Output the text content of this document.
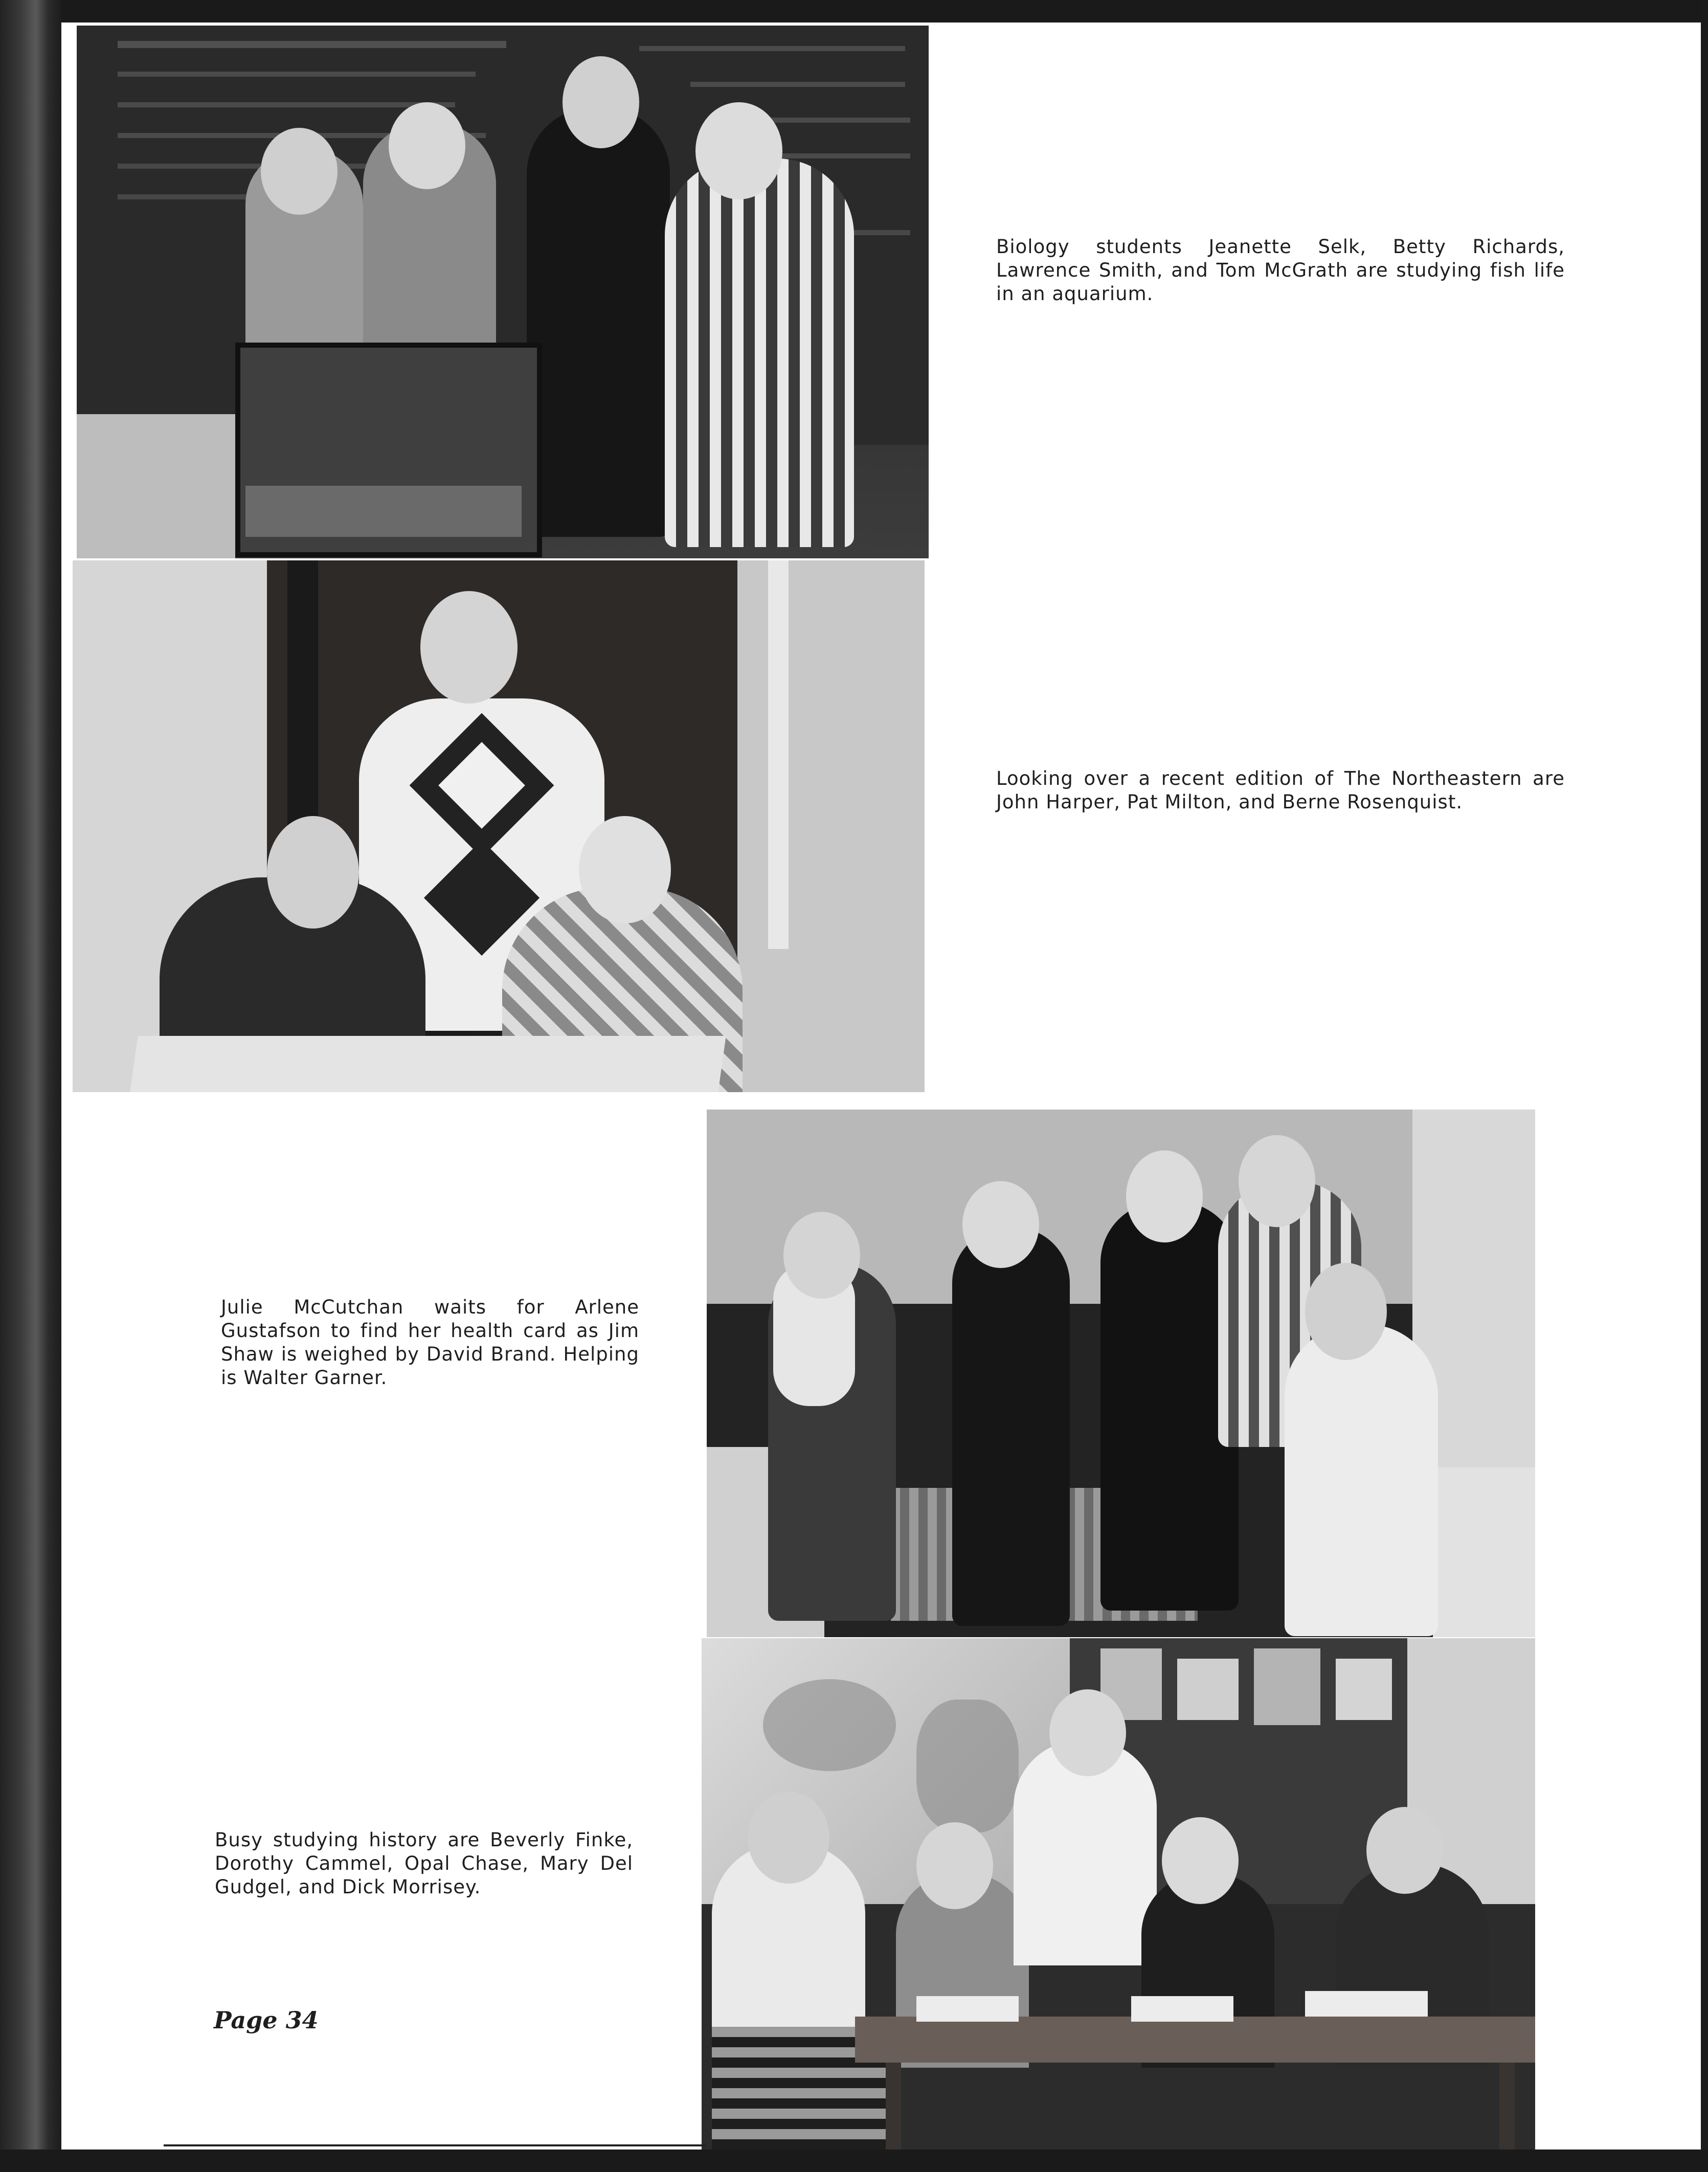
Biology students Jeanette Selk, Betty Richards, Lawrence Smith, and Tom McGrath are studying fish life in an aquarium.
Looking over a recent edition of The Northeastern are John Harper, Pat Milton, and Berne Rosenquist.
Julie McCutchan waits for Arlene Gustafson to find her health card as Jim Shaw is weighed by David Brand. Helping is Walter Garner.
Busy studying history are Beverly Finke, Dorothy Cammel, Opal Chase, Mary Del Gudgel, and Dick Morrisey.
Page 34
